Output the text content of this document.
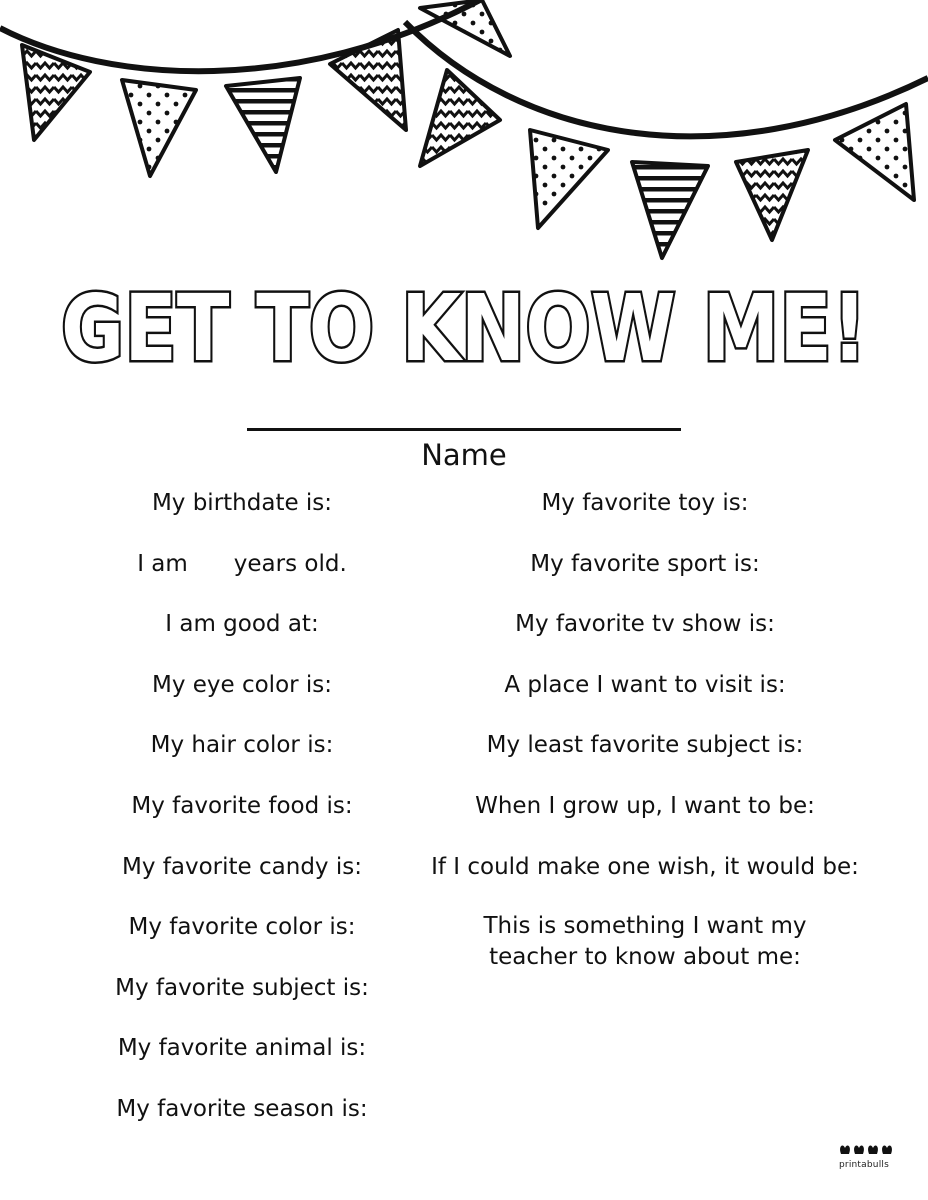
GET TO KNOW ME!
Name
My birthdate is:
I am years old.
I am good at:
My eye color is:
My hair color is:
My favorite food is:
My favorite candy is:
My favorite color is:
My favorite subject is:
My favorite animal is:
My favorite season is:
My favorite toy is:
My favorite sport is:
My favorite tv show is:
A place I want to visit is:
My least favorite subject is:
When I grow up, I want to be:
If I could make one wish, it would be:
This is something I want my
teacher to know about me:
printabulls
